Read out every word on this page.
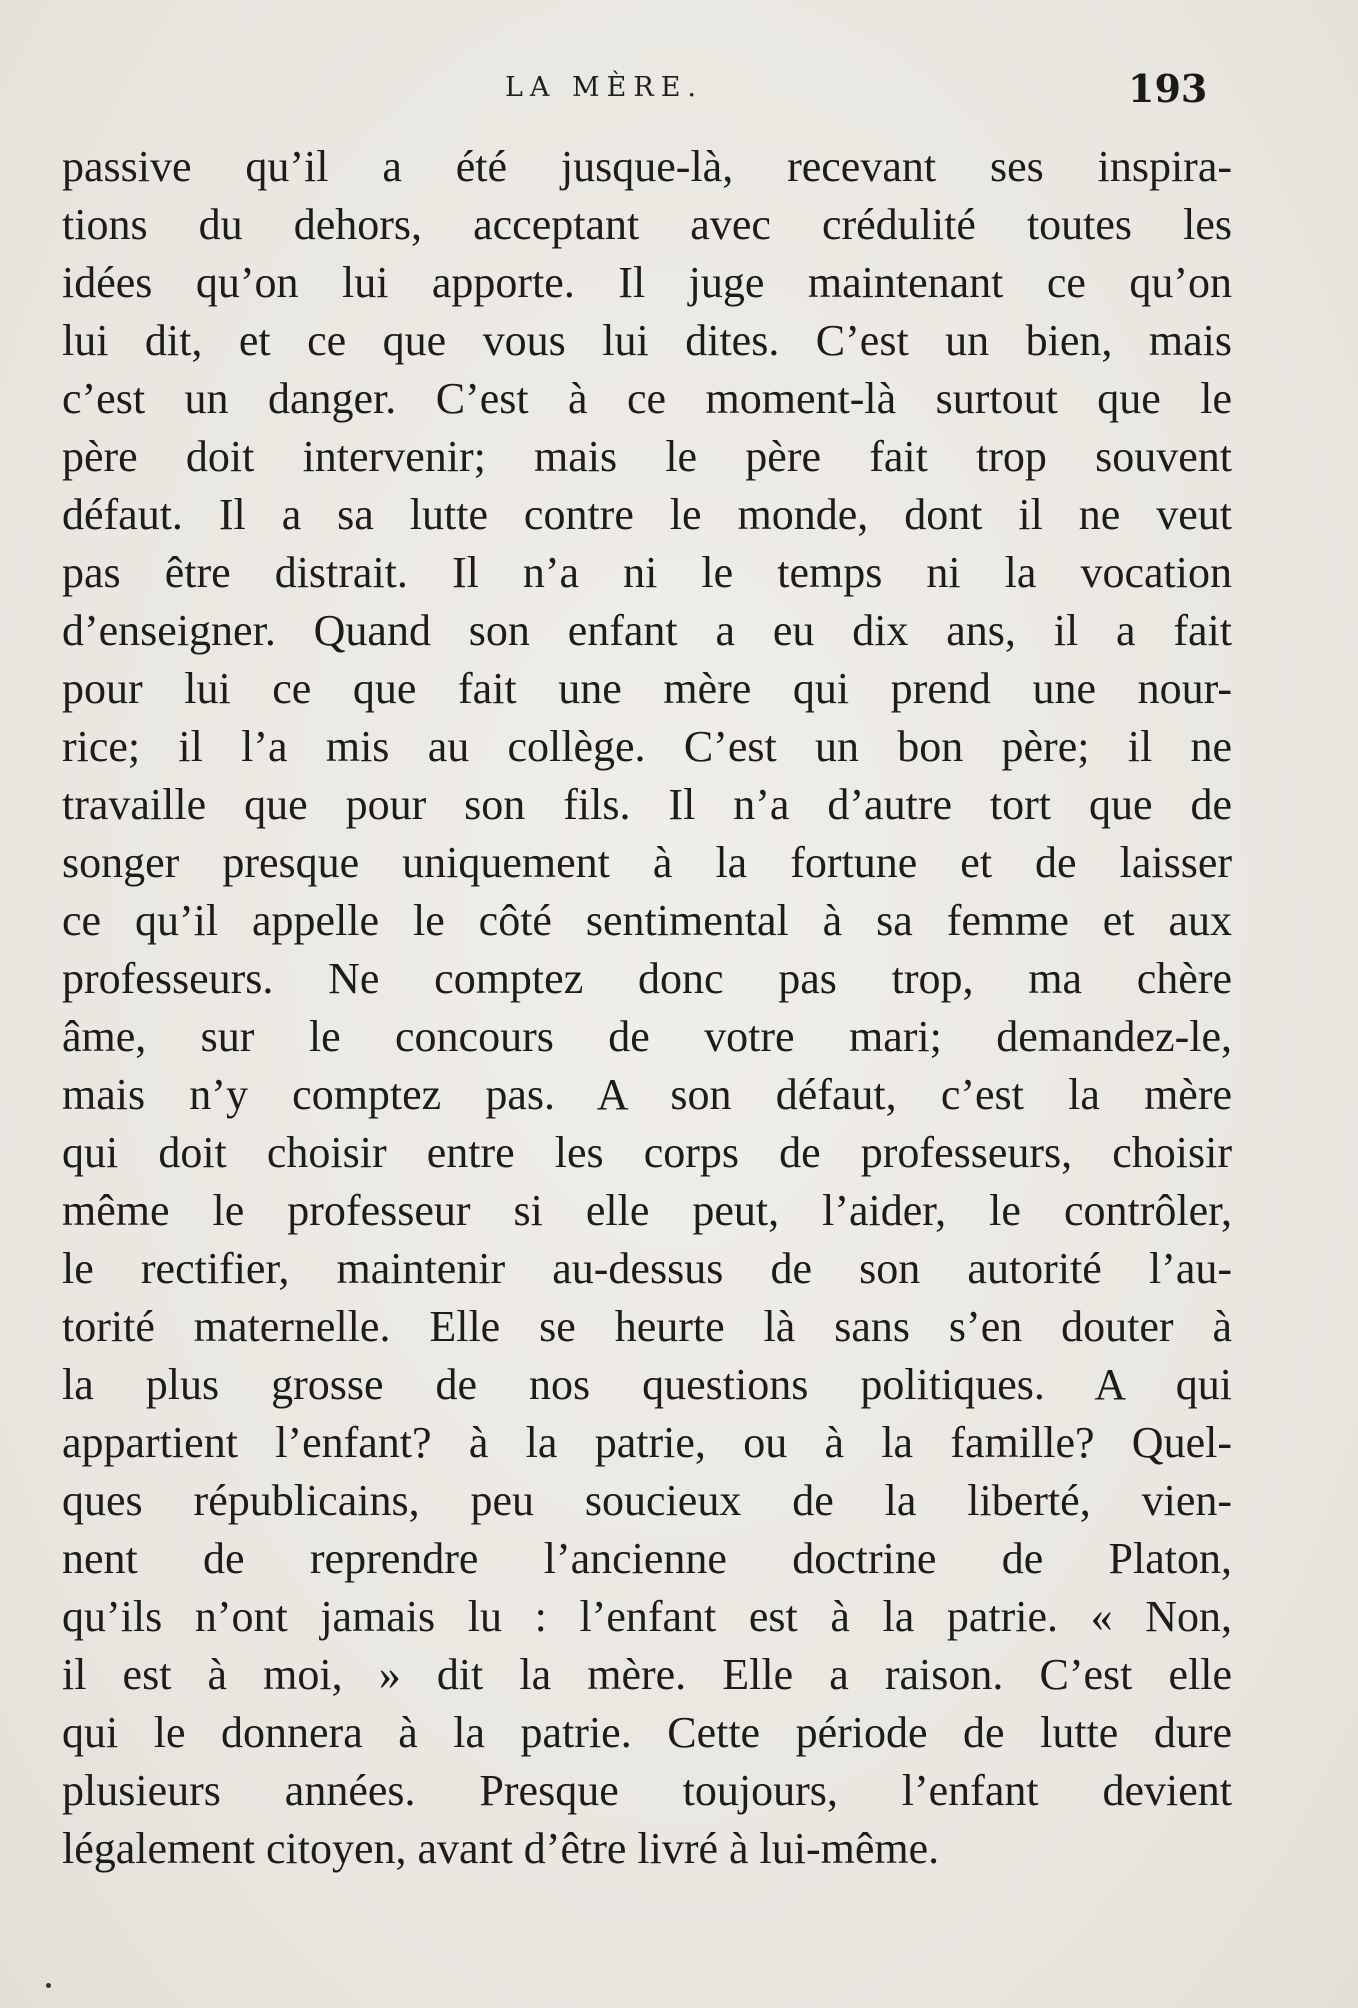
LA MÈRE.	193
passive qu’il a été jusque-là, recevant ses inspira-
tions du dehors, acceptant avec crédulité toutes les
idées qu’on lui apporte. Il juge maintenant ce qu’on
lui dit, et ce que vous lui dites. C’est un bien, mais
c’est un danger. C’est à ce moment-là surtout que le
père doit intervenir; mais le père fait trop souvent
défaut. Il a sa lutte contre le monde, dont il ne veut
pas être distrait. Il n’a ni le temps ni la vocation
d’enseigner. Quand son enfant a eu dix ans, il a fait
pour lui ce que fait une mère qui prend une nour-
rice; il l’a mis au collège. C’est un bon père; il ne
travaille que pour son fils. Il n’a d’autre tort que de
songer presque uniquement à la fortune et de laisser
ce qu’il appelle le côté sentimental à sa femme et aux
professeurs. Ne comptez donc pas trop, ma chère
âme, sur le concours de votre mari; demandez-le,
mais n’y comptez pas. A son défaut, c’est la mère
qui doit choisir entre les corps de professeurs, choisir
même le professeur si elle peut, l’aider, le contrôler,
le rectifier, maintenir au-dessus de son autorité l’au-
torité maternelle. Elle se heurte là sans s’en douter à
la plus grosse de nos questions politiques. A qui
appartient l’enfant? à la patrie, ou à la famille? Quel-
ques républicains, peu soucieux de la liberté, vien-
nent de reprendre l’ancienne doctrine de Platon,
qu’ils n’ont jamais lu : l’enfant est à la patrie. « Non,
il est à moi, » dit la mère. Elle a raison. C’est elle
qui le donnera à la patrie. Cette période de lutte dure
plusieurs années. Presque toujours, l’enfant devient
légalement citoyen, avant d’être livré à lui-même.
